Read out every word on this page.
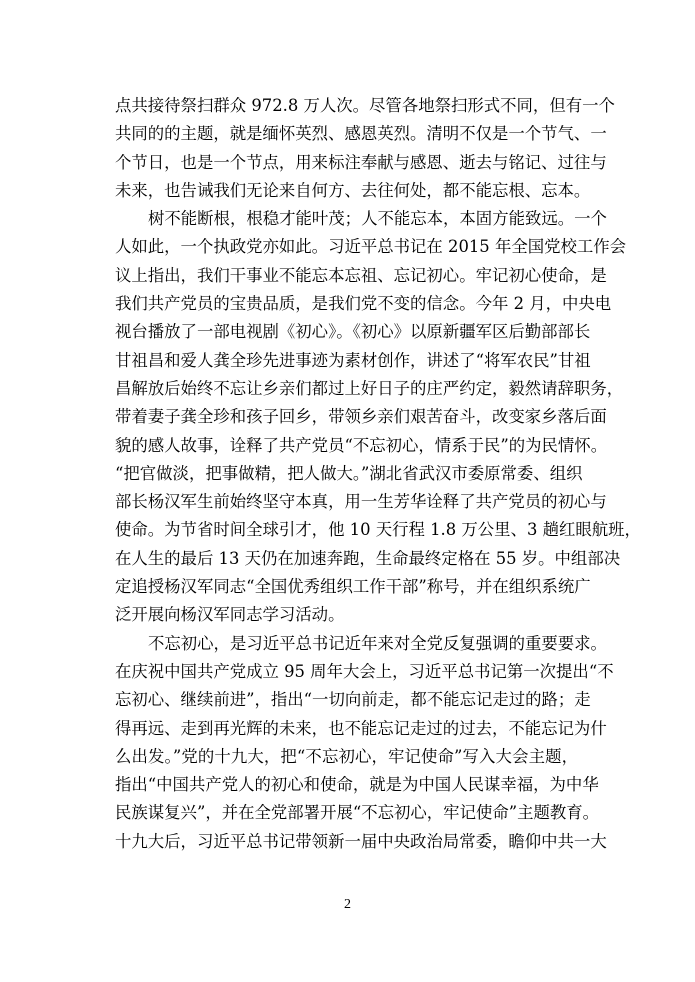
点共接待祭扫群众 972.8 万人次。尽管各地祭扫形式不同，但有一个
共同的的主题，就是缅怀英烈、感恩英烈。清明不仅是一个节气、一
个节日，也是一个节点，用来标注奉献与感恩、逝去与铭记、过往与
未来，也告诫我们无论来自何方、去往何处，都不能忘根、忘本。
树不能断根，根稳才能叶茂；人不能忘本，本固方能致远。一个
人如此，一个执政党亦如此。习近平总书记在 2015 年全国党校工作会
议上指出，我们干事业不能忘本忘祖、忘记初心。牢记初心使命，是
我们共产党员的宝贵品质，是我们党不变的信念。今年 2 月，中央电
视台播放了一部电视剧《初心》。《初心》以原新疆军区后勤部部长
甘祖昌和爱人龚全珍先进事迹为素材创作，讲述了“将军农民”甘祖
昌解放后始终不忘让乡亲们都过上好日子的庄严约定，毅然请辞职务，
带着妻子龚全珍和孩子回乡，带领乡亲们艰苦奋斗，改变家乡落后面
貌的感人故事，诠释了共产党员“不忘初心，情系于民”的为民情怀。
“把官做淡，把事做精，把人做大。”湖北省武汉市委原常委、组织
部长杨汉军生前始终坚守本真，用一生芳华诠释了共产党员的初心与
使命。为节省时间全球引才，他 10 天行程 1.8 万公里、3 趟红眼航班，
在人生的最后 13 天仍在加速奔跑，生命最终定格在 55 岁。中组部决
定追授杨汉军同志“全国优秀组织工作干部”称号，并在组织系统广
泛开展向杨汉军同志学习活动。
不忘初心，是习近平总书记近年来对全党反复强调的重要要求。
在庆祝中国共产党成立 95 周年大会上，习近平总书记第一次提出“不
忘初心、继续前进”，指出“一切向前走，都不能忘记走过的路；走
得再远、走到再光辉的未来，也不能忘记走过的过去，不能忘记为什
么出发。”党的十九大，把“不忘初心，牢记使命”写入大会主题，
指出“中国共产党人的初心和使命，就是为中国人民谋幸福，为中华
民族谋复兴”，并在全党部署开展“不忘初心，牢记使命”主题教育。
十九大后，习近平总书记带领新一届中央政治局常委，瞻仰中共一大
2
